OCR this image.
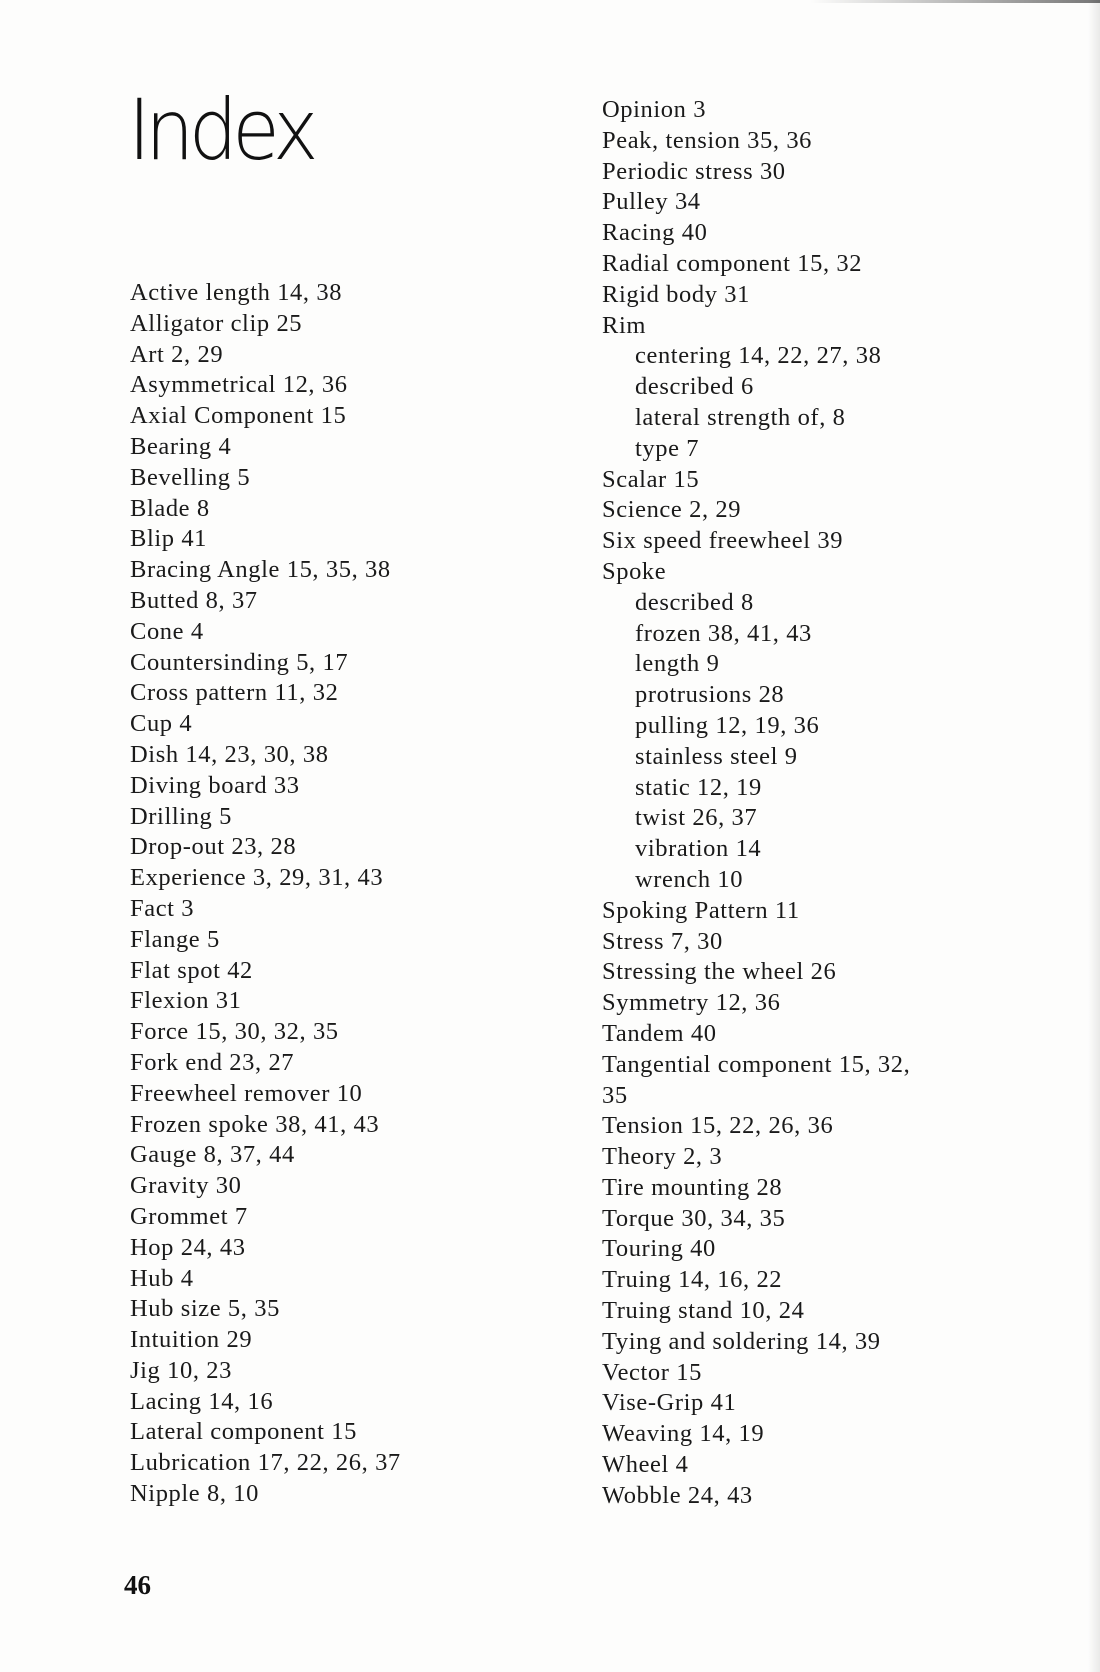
Index
Active length 14, 38
Alligator clip 25
Art 2, 29
Asymmetrical 12, 36
Axial Component 15
Bearing 4
Bevelling 5
Blade 8
Blip 41
Bracing Angle 15, 35, 38
Butted 8, 37
Cone 4
Countersinding 5, 17
Cross pattern 11, 32
Cup 4
Dish 14, 23, 30, 38
Diving board 33
Drilling 5
Drop-out 23, 28
Experience 3, 29, 31, 43
Fact 3
Flange 5
Flat spot 42
Flexion 31
Force 15, 30, 32, 35
Fork end 23, 27
Freewheel remover 10
Frozen spoke 38, 41, 43
Gauge 8, 37, 44
Gravity 30
Grommet 7
Hop 24, 43
Hub 4
Hub size 5, 35
Intuition 29
Jig 10, 23
Lacing 14, 16
Lateral component 15
Lubrication 17, 22, 26, 37
Nipple 8, 10
Opinion 3
Peak, tension 35, 36
Periodic stress 30
Pulley 34
Racing 40
Radial component 15, 32
Rigid body 31
Rim
centering 14, 22, 27, 38
described 6
lateral strength of, 8
type 7
Scalar 15
Science 2, 29
Six speed freewheel 39
Spoke
described 8
frozen 38, 41, 43
length 9
protrusions 28
pulling 12, 19, 36
stainless steel 9
static 12, 19
twist 26, 37
vibration 14
wrench 10
Spoking Pattern 11
Stress 7, 30
Stressing the wheel 26
Symmetry 12, 36
Tandem 40
Tangential component 15, 32,
35
Tension 15, 22, 26, 36
Theory 2, 3
Tire mounting 28
Torque 30, 34, 35
Touring 40
Truing 14, 16, 22
Truing stand 10, 24
Tying and soldering 14, 39
Vector 15
Vise-Grip 41
Weaving 14, 19
Wheel 4
Wobble 24, 43
46
